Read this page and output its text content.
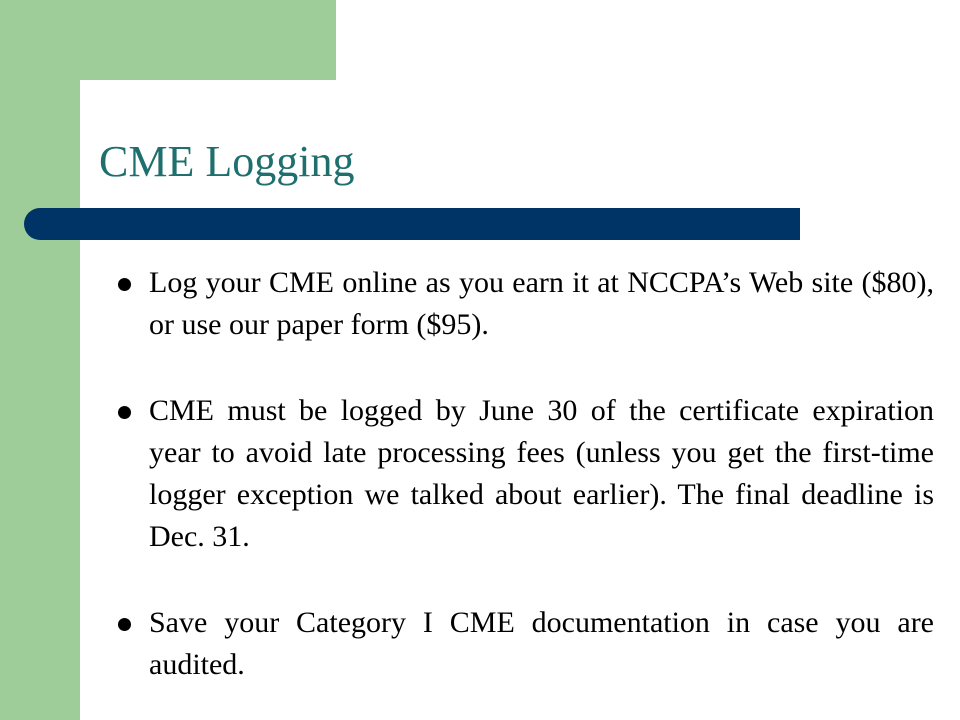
CME Logging
Log your CME online as you earn it at NCCPA’s Web site ($80), or use our paper form ($95).
CME must be logged by June 30 of the certificate expiration year to avoid late processing fees (unless you get the first-time logger exception we talked about earlier). The final deadline is Dec. 31.
Save your Category I CME documentation in case you are audited.
